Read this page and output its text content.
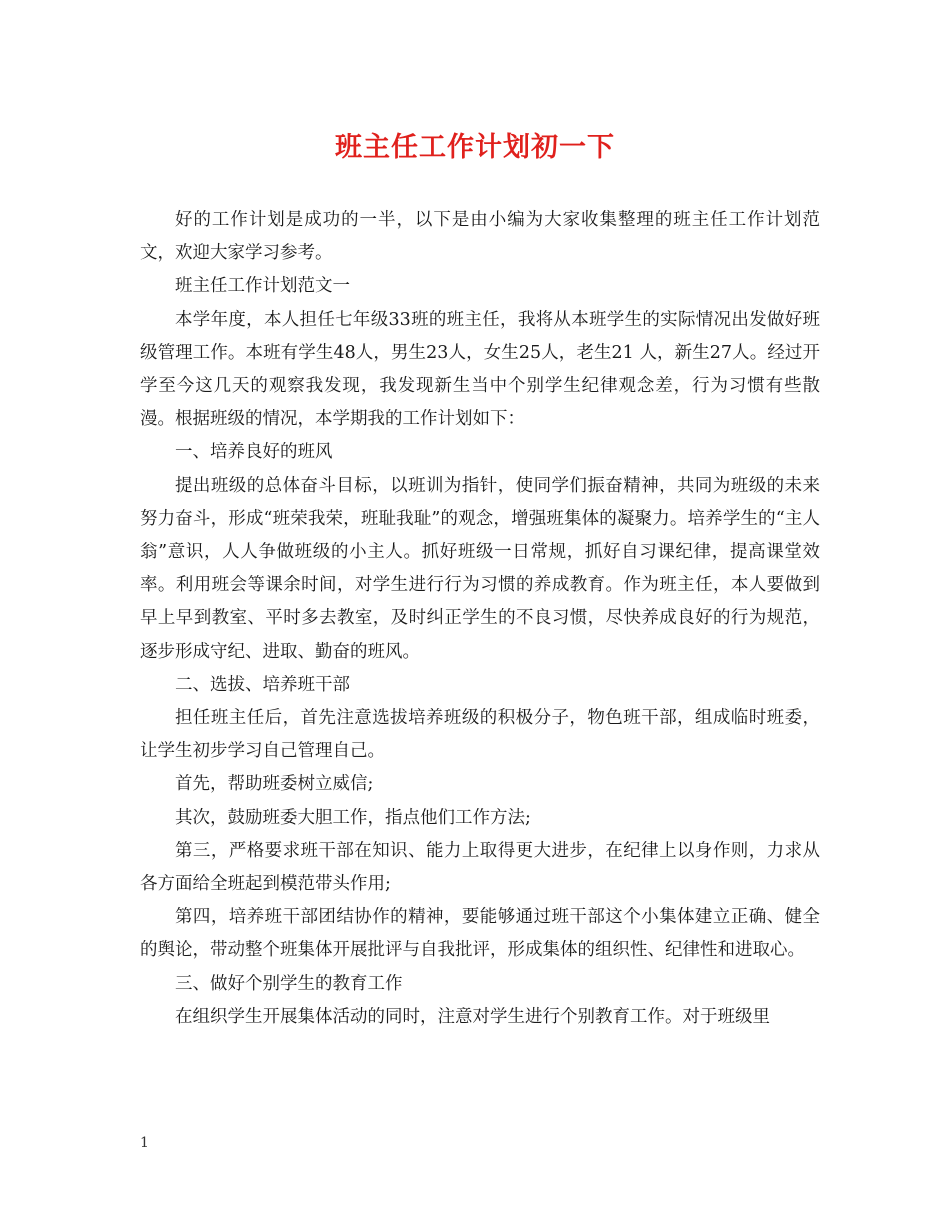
班主任工作计划初一下

好的工作计划是成功的一半，以下是由小编为大家收集整理的班主任工作计划范文，欢迎大家学习参考。

班主任工作计划范文一

本学年度，本人担任七年级33班的班主任，我将从本班学生的实际情况出发做好班级管理工作。本班有学生48人，男生23人，女生25人，老生21 人，新生27人。经过开学至今这几天的观察我发现，我发现新生当中个别学生纪律观念差，行为习惯有些散漫。根据班级的情况，本学期我的工作计划如下：

一、培养良好的班风

提出班级的总体奋斗目标，以班训为指针，使同学们振奋精神，共同为班级的未来努力奋斗，形成“班荣我荣，班耻我耻”的观念，增强班集体的凝聚力。培养学生的“主人翁”意识，人人争做班级的小主人。抓好班级一日常规，抓好自习课纪律，提高课堂效率。利用班会等课余时间，对学生进行行为习惯的养成教育。作为班主任，本人要做到早上早到教室、平时多去教室，及时纠正学生的不良习惯，尽快养成良好的行为规范，逐步形成守纪、进取、勤奋的班风。

二、选拔、培养班干部

担任班主任后，首先注意选拔培养班级的积极分子，物色班干部，组成临时班委，让学生初步学习自己管理自己。

首先，帮助班委树立威信;

其次，鼓励班委大胆工作，指点他们工作方法;

第三，严格要求班干部在知识、能力上取得更大进步，在纪律上以身作则，力求从各方面给全班起到模范带头作用;

第四，培养班干部团结协作的精神，要能够通过班干部这个小集体建立正确、健全的舆论，带动整个班集体开展批评与自我批评，形成集体的组织性、纪律性和进取心。

三、做好个别学生的教育工作

在组织学生开展集体活动的同时，注意对学生进行个别教育工作。对于班级里

1
